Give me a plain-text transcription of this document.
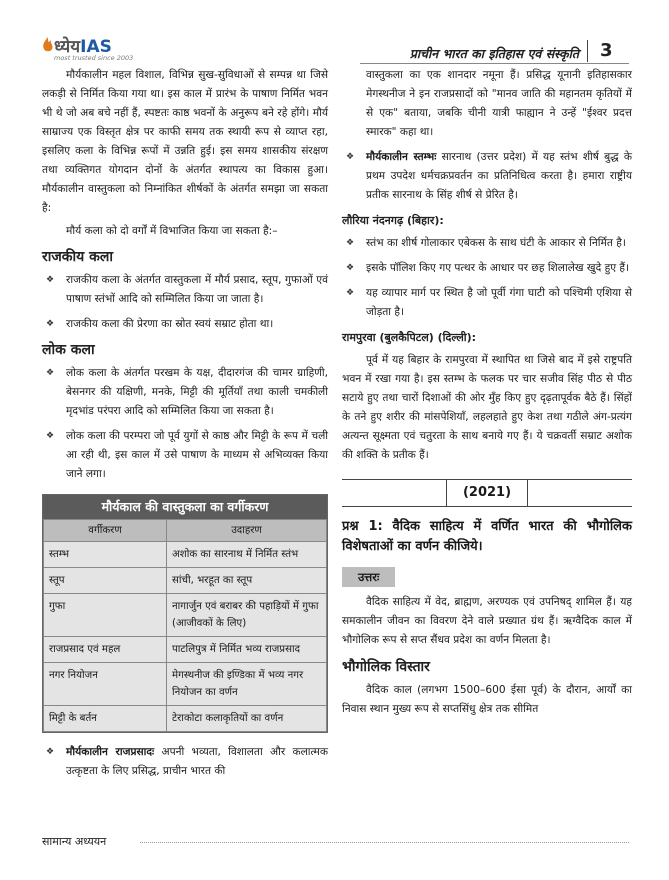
ध्येयIAS
most trusted since 2003	प्राचीन भारत का इतिहास एवं संस्कृति 3

मौर्यकालीन महल विशाल, विभिन्न सुख-सुविधाओं से सम्पन्न था जिसे लकड़ी से निर्मित किया गया था। इस काल में प्रारंभ के पाषाण निर्मित भवन भी थे जो अब बचे नहीं हैं, स्पष्टतः काष्ठ भवनों के अनुरूप बने रहे होंगे। मौर्य साम्राज्य एक विस्तृत क्षेत्र पर काफी समय तक स्थायी रूप से व्याप्त रहा, इसलिए कला के विभिन्न रूपों में उन्नति हुई। इस समय शासकीय संरक्षण तथा व्यक्तिगत योगदान दोनों के अंतर्गत स्थापत्य का विकास हुआ। मौर्यकालीन वास्तुकला को निम्नांकित शीर्षकों के अंतर्गत समझा जा सकता है:

मौर्य कला को दो वर्गों में विभाजित किया जा सकता है:–

राजकीय कला
❖ राजकीय कला के अंतर्गत वास्तुकला में मौर्य प्रसाद, स्तूप, गुफाओं एवं पाषाण स्तंभों आदि को सम्मिलित किया जा जाता है।
❖ राजकीय कला की प्रेरणा का स्रोत स्वयं सम्राट होता था।
लोक कला
❖ लोक कला के अंतर्गत परखम के यक्ष, दीदारगंज की चामर ग्राहिणी, बेसनगर की यक्षिणी, मनके, मिट्टी की मूर्तियाँ तथा काली चमकीली मृदभांड परंपरा आदि को सम्मिलित किया जा सकता है।
❖ लोक कला की परम्परा जो पूर्व युगों से काष्ठ और मिट्टी के रूप में चली आ रही थी, इस काल में उसे पाषाण के माध्यम से अभिव्यक्त किया जाने लगा।
मौर्यकाल की वास्तुकला का वर्गीकरण
वर्गीकरण	उदाहरण
स्तम्भ	अशोक का सारनाथ में निर्मित स्तंभ
स्तूप	सांची, भरहूत का स्तूप
गुफा	नागार्जुन एवं बराबर की पहाड़ियों में गुफा (आजीवकों के लिए)
राजप्रसाद एवं महल	पाटलिपुत्र में निर्मित भव्य राजप्रसाद
नगर नियोजन	मेगस्थनीज की इण्डिका में भव्य नगर नियोजन का वर्णन
मिट्टी के बर्तन	टेराकोटा कलाकृतियों का वर्णन
❖ मौर्यकालीन राजप्रसादः अपनी भव्यता, विशालता और कलात्मक उत्कृष्टता के लिए प्रसिद्ध, प्राचीन भारत की

वास्तुकला का एक शानदार नमूना हैं। प्रसिद्ध यूनानी इतिहासकार मेगस्थनीज ने इन राजप्रसादों को "मानव जाति की महानतम कृतियों में से एक" बताया, जबकि चीनी यात्री फाह्यान ने उन्हें "ईश्वर प्रदत्त स्मारक" कहा था।

❖ मौर्यकालीन स्तम्भः सारनाथ (उत्तर प्रदेश) में यह स्तंभ शीर्ष बुद्ध के प्रथम उपदेश धर्मचक्रप्रवर्तन का प्रतिनिधित्व करता है। हमारा राष्ट्रीय प्रतीक सारनाथ के सिंह शीर्ष से प्रेरित है।
लौरिया नंदनगढ़ (बिहार):
❖ स्तंभ का शीर्ष गोलाकार एबेकस के साथ घंटी के आकार से निर्मित है।
❖ इसके पॉलिश किए गए पत्थर के आधार पर छह शिलालेख खुदे हुए हैं।
❖ यह व्यापार मार्ग पर स्थित है जो पूर्वी गंगा घाटी को पश्चिमी एशिया से जोड़ता है।
रामपुरवा (बुलकैपिटल) (दिल्ली):

पूर्व में यह बिहार के रामपुरवा में स्थापित था जिसे बाद में इसे राष्ट्रपति भवन में रखा गया है। इस स्तम्भ के फलक पर चार सजीव सिंह पीठ से पीठ सटाये हुए तथा चारों दिशाओं की ओर मुँह किए हुए दृढ़तापूर्वक बैठे हैं। सिंहों के तने हुए शरीर की मांसपेशियाँ, लहलहाते हुए केश तथा गठीले अंग-प्रत्यंग अत्यन्त सूक्ष्मता एवं चतुरता के साथ बनाये गए हैं। ये चक्रवर्ती सम्राट अशोक की शक्ति के प्रतीक हैं।

(2021)
प्रश्न 1: वैदिक साहित्य में वर्णित भारत की भौगोलिक विशेषताओं का वर्णन कीजिये।
उत्तरः

वैदिक साहित्य में वेद, ब्राह्मण, अरण्यक एवं उपनिषद् शामिल हैं। यह समकालीन जीवन का विवरण देने वाले प्रख्यात ग्रंथ हैं। ऋग्वैदिक काल में भौगोलिक रूप से सप्त सैंधव प्रदेश का वर्णन मिलता है।

भौगोलिक विस्तार

वैदिक काल (लगभग 1500–600 ईसा पूर्व) के दौरान, आर्यों का निवास स्थान मुख्य रूप से सप्तसिंधु क्षेत्र तक सीमित

सामान्य अध्ययन
